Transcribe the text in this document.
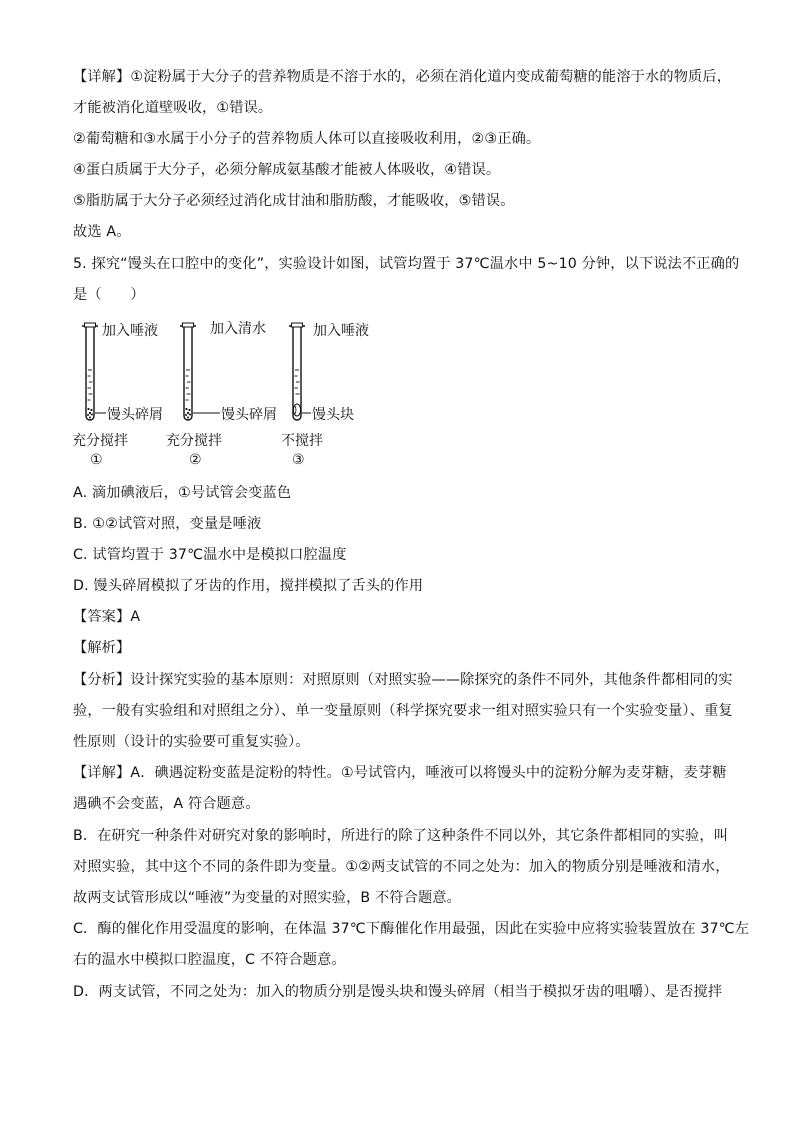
【详解】①淀粉属于大分子的营养物质是不溶于水的，必须在消化道内变成葡萄糖的能溶于水的物质后，
才能被消化道壁吸收，①错误。
②葡萄糖和③水属于小分子的营养物质人体可以直接吸收利用，②③正确。
④蛋白质属于大分子，必须分解成氨基酸才能被人体吸收，④错误。
⑤脂肪属于大分子必须经过消化成甘油和脂肪酸，才能吸收，⑤错误。
故选 A。
5. 探究“馒头在口腔中的变化”，实验设计如图，试管均置于 37℃温水中 5~10 分钟，以下说法不正确的
是（　　）
馒头碎屑
加入唾液
充分搅拌
①
馒头碎屑
加入清水
充分搅拌
②
馒头块
加入唾液
不搅拌
③
A. 滴加碘液后，①号试管会变蓝色
B. ①②试管对照，变量是唾液
C. 试管均置于 37℃温水中是模拟口腔温度
D. 馒头碎屑模拟了牙齿的作用，搅拌模拟了舌头的作用
【答案】A
【解析】
【分析】设计探究实验的基本原则：对照原则（对照实验——除探究的条件不同外，其他条件都相同的实
验，一般有实验组和对照组之分）、单一变量原则（科学探究要求一组对照实验只有一个实验变量）、重复
性原则（设计的实验要可重复实验）。
【详解】A．碘遇淀粉变蓝是淀粉的特性。①号试管内，唾液可以将馒头中的淀粉分解为麦芽糖，麦芽糖
遇碘不会变蓝，A 符合题意。
B．在研究一种条件对研究对象的影响时，所进行的除了这种条件不同以外，其它条件都相同的实验，叫
对照实验，其中这个不同的条件即为变量。①②两支试管的不同之处为：加入的物质分别是唾液和清水，
故两支试管形成以“唾液”为变量的对照实验，B 不符合题意。
C．酶的催化作用受温度的影响，在体温 37℃下酶催化作用最强，因此在实验中应将实验装置放在 37℃左
右的温水中模拟口腔温度，C 不符合题意。
D．两支试管，不同之处为：加入的物质分别是馒头块和馒头碎屑（相当于模拟牙齿的咀嚼）、是否搅拌
